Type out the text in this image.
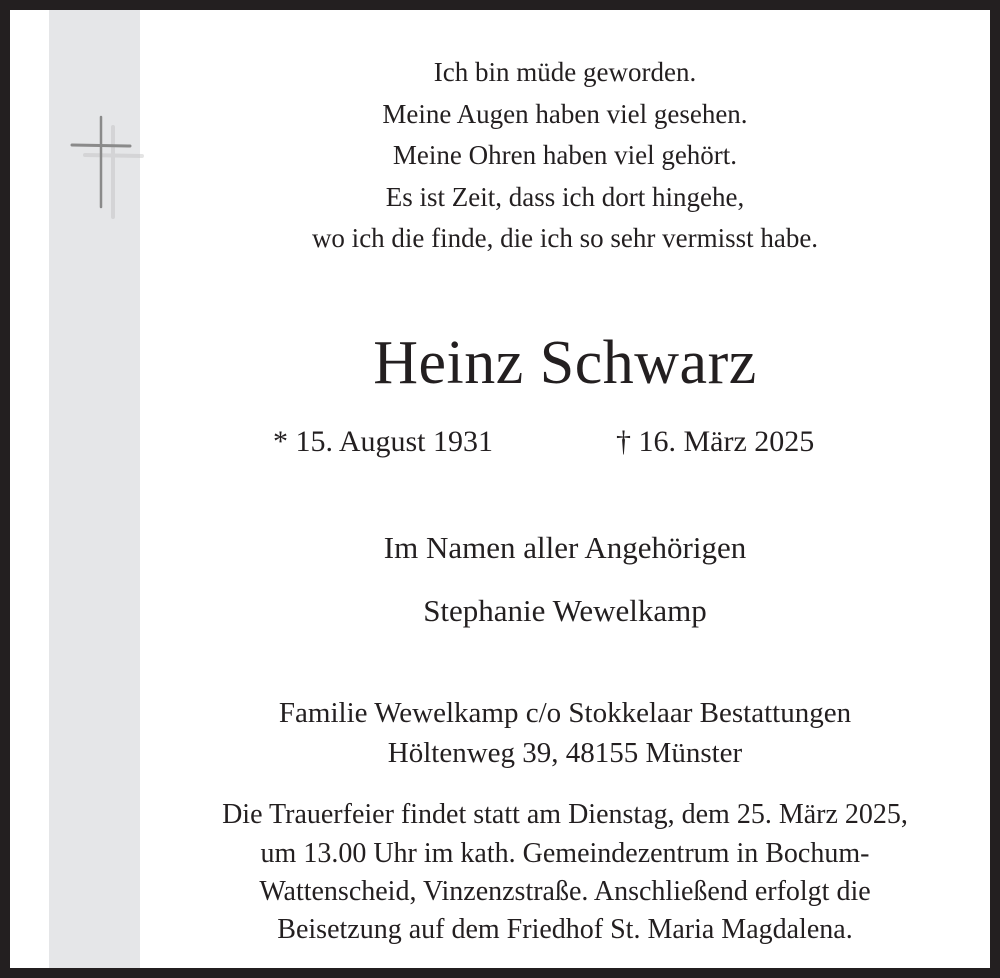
Ich bin müde geworden.
Meine Augen haben viel gesehen.
Meine Ohren haben viel gehört.
Es ist Zeit, dass ich dort hingehe,
wo ich die finde, die ich so sehr vermisst habe.
Heinz Schwarz
* 15. August 1931	† 16. März 2025
Im Namen aller Angehörigen
Stephanie Wewelkamp
Familie Wewelkamp c/o Stokkelaar Bestattungen
Höltenweg 39, 48155 Münster
Die Trauerfeier findet statt am Dienstag, dem 25. März 2025,
um 13.00 Uhr im kath. Gemeindezentrum in Bochum-
Wattenscheid, Vinzenzstraße. Anschließend erfolgt die
Beisetzung auf dem Friedhof St. Maria Magdalena.
